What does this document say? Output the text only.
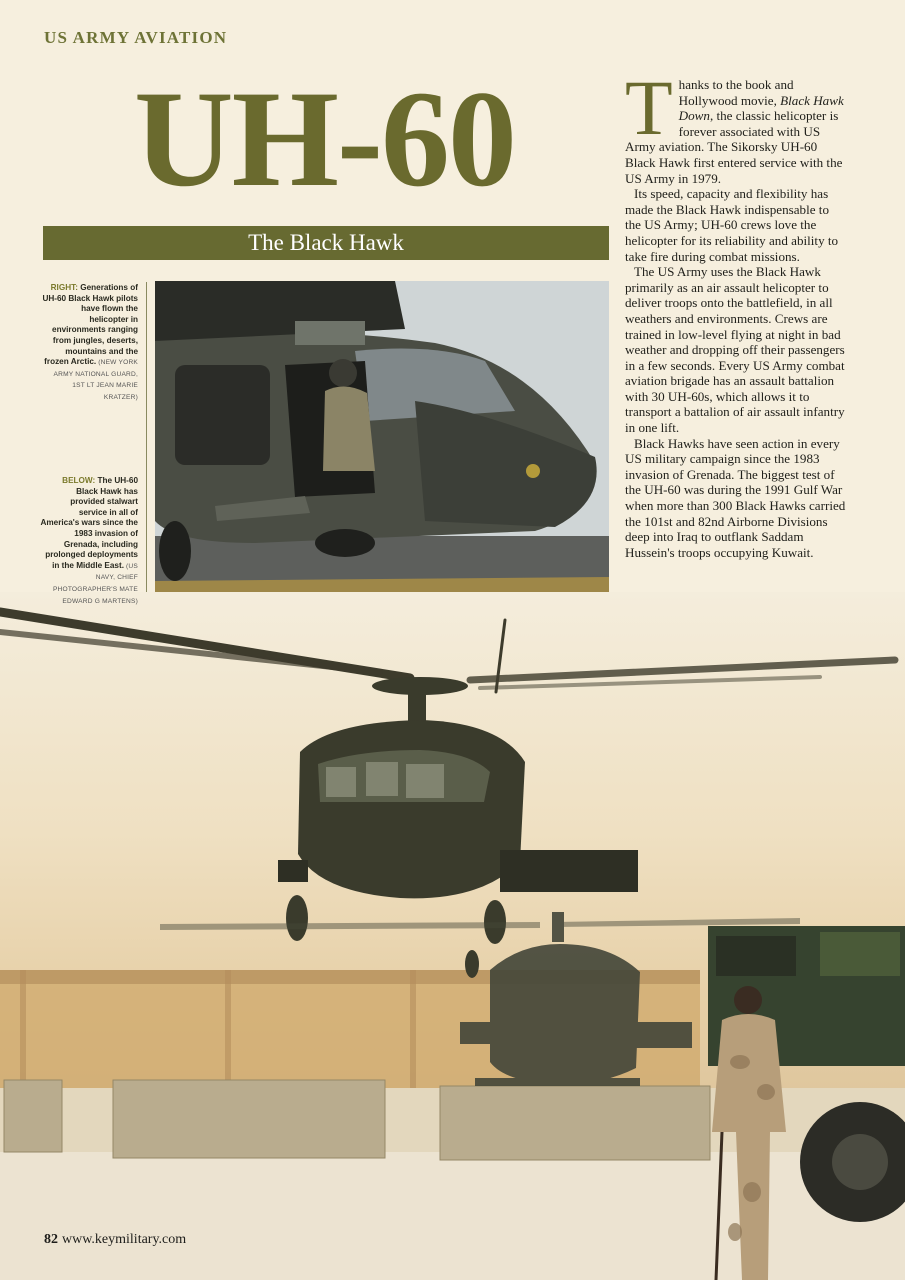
US ARMY AVIATION
UH-60
The Black Hawk
RIGHT: Generations of UH-60 Black Hawk pilots have flown the helicopter in environments ranging from jungles, deserts, mountains and the frozen Arctic. (NEW YORK ARMY NATIONAL GUARD, 1ST LT JEAN MARIE KRATZER)
BELOW: The UH-60 Black Hawk has provided stalwart service in all of America's wars since the 1983 invasion of Grenada, including prolonged deployments in the Middle East. (US NAVY, CHIEF PHOTOGRAPHER'S MATE EDWARD G MARTENS)

Thanks to the book and Hollywood movie, Black Hawk Down, the classic helicopter is forever associated with US Army aviation. The Sikorsky UH-60 Black Hawk first entered service with the US Army in 1979.

Its speed, capacity and flexibility has made the Black Hawk indispensable to the US Army; UH-60 crews love the helicopter for its reliability and ability to take fire during combat missions.

The US Army uses the Black Hawk primarily as an air assault helicopter to deliver troops onto the battlefield, in all weathers and environments. Crews are trained in low-level flying at night in bad weather and dropping off their passengers in a few seconds. Every US Army combat aviation brigade has an assault battalion with 30 UH-60s, which allows it to transport a battalion of air assault infantry in one lift.

Black Hawks have seen action in every US military campaign since the 1983 invasion of Grenada. The biggest test of the UH-60 was during the 1991 Gulf War when more than 300 Black Hawks carried the 101st and 82nd Airborne Divisions deep into Iraq to outflank Saddam Hussein's troops occupying Kuwait.

82 www.keymilitary.com
